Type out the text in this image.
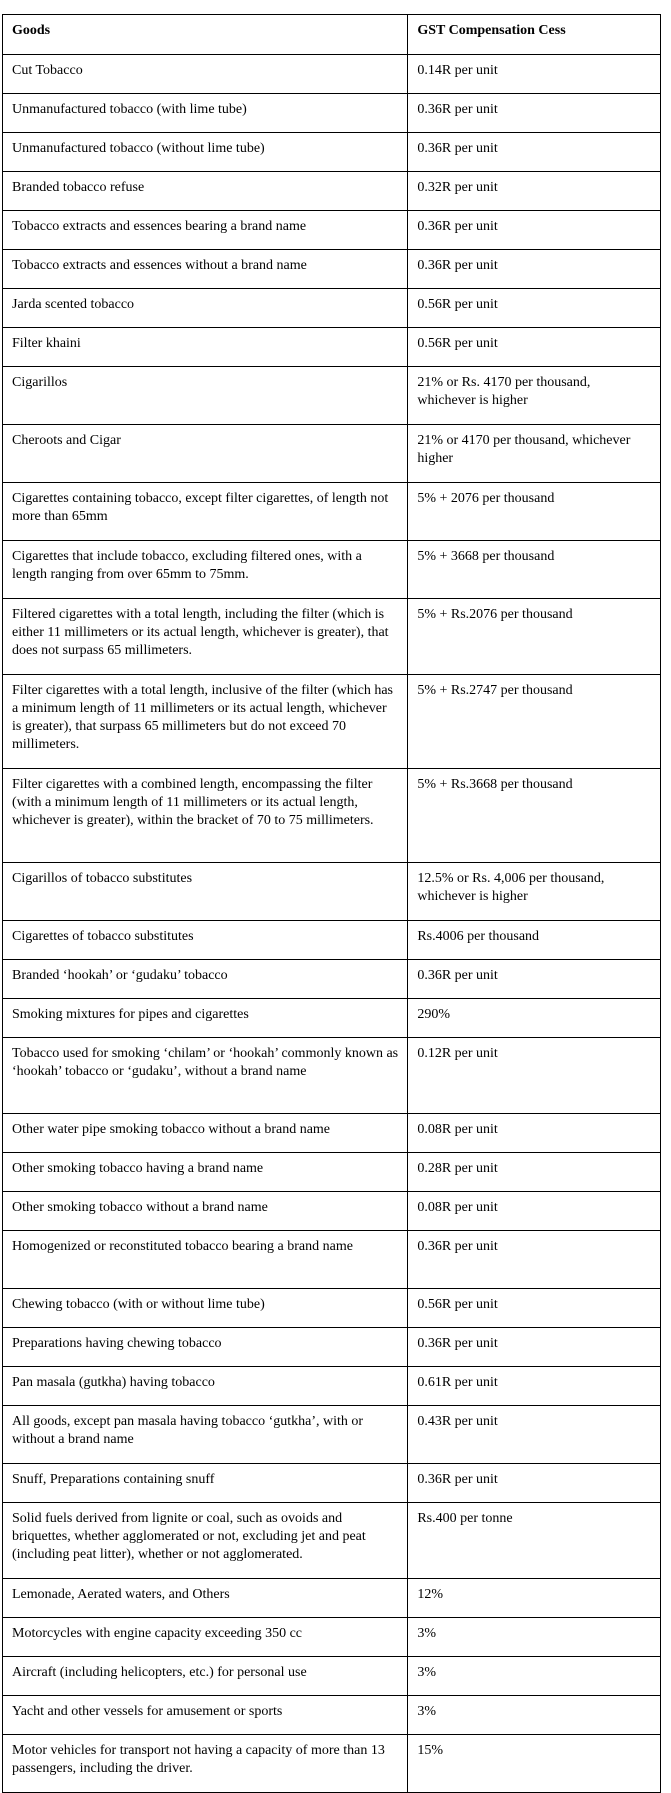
Goods	GST Compensation Cess
Cut Tobacco	0.14R per unit
Unmanufactured tobacco (with lime tube)	0.36R per unit
Unmanufactured tobacco (without lime tube)	0.36R per unit
Branded tobacco refuse	0.32R per unit
Tobacco extracts and essences bearing a brand name	0.36R per unit
Tobacco extracts and essences without a brand name	0.36R per unit
Jarda scented tobacco	0.56R per unit
Filter khaini	0.56R per unit
Cigarillos	21% or Rs. 4170 per thousand, whichever is higher
Cheroots and Cigar	21% or 4170 per thousand, whichever higher
Cigarettes containing tobacco, except filter cigarettes, of length not more than 65mm	5% + 2076 per thousand
Cigarettes that include tobacco, excluding filtered ones, with a length ranging from over 65mm to 75mm.	5% + 3668 per thousand
Filtered cigarettes with a total length, including the filter (which is either 11 millimeters or its actual length, whichever is greater), that does not surpass 65 millimeters.	5% + Rs.2076 per thousand
Filter cigarettes with a total length, inclusive of the filter (which has a minimum length of 11 millimeters or its actual length, whichever is greater), that surpass 65 millimeters but do not exceed 70 millimeters.	5% + Rs.2747 per thousand
Filter cigarettes with a combined length, encompassing the filter (with a minimum length of 11 millimeters or its actual length, whichever is greater), within the bracket of 70 to 75 millimeters.	5% + Rs.3668 per thousand
Cigarillos of tobacco substitutes	12.5% or Rs. 4,006 per thousand, whichever is higher
Cigarettes of tobacco substitutes	Rs.4006 per thousand
Branded ‘hookah’ or ‘gudaku’ tobacco	0.36R per unit
Smoking mixtures for pipes and cigarettes	290%
Tobacco used for smoking ‘chilam’ or ‘hookah’ commonly known as ‘hookah’ tobacco or ‘gudaku’, without a brand name	0.12R per unit
Other water pipe smoking tobacco without a brand name	0.08R per unit
Other smoking tobacco having a brand name	0.28R per unit
Other smoking tobacco without a brand name	0.08R per unit
Homogenized or reconstituted tobacco bearing a brand name	0.36R per unit
Chewing tobacco (with or without lime tube)	0.56R per unit
Preparations having chewing tobacco	0.36R per unit
Pan masala (gutkha) having tobacco	0.61R per unit
All goods, except pan masala having tobacco ‘gutkha’, with or without a brand name	0.43R per unit
Snuff, Preparations containing snuff	0.36R per unit
Solid fuels derived from lignite or coal, such as ovoids and briquettes, whether agglomerated or not, excluding jet and peat (including peat litter), whether or not agglomerated.	Rs.400 per tonne
Lemonade, Aerated waters, and Others	12%
Motorcycles with engine capacity exceeding 350 cc	3%
Aircraft (including helicopters, etc.) for personal use	3%
Yacht and other vessels for amusement or sports	3%
Motor vehicles for transport not having a capacity of more than 13 passengers, including the driver.	15%
